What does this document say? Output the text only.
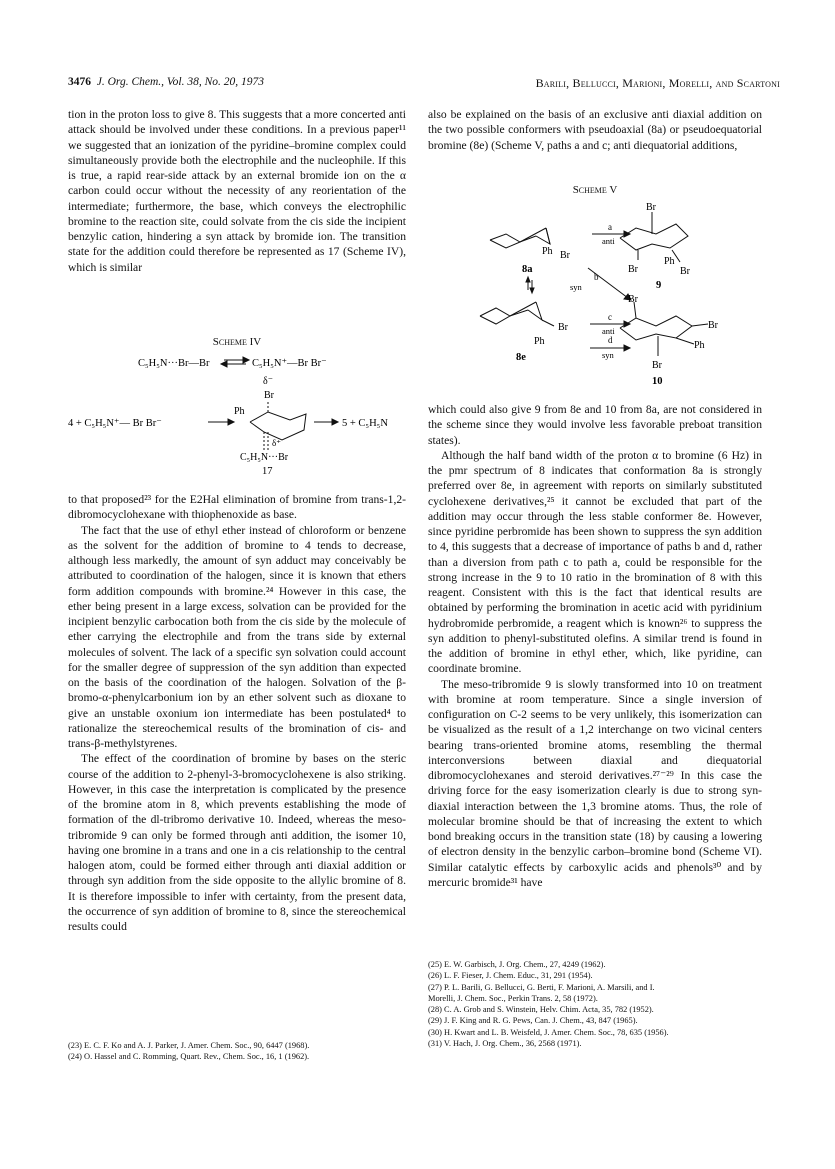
3476 J. Org. Chem., Vol. 38, No. 20, 1973	Barili, Bellucci, Marioni, Morelli, and Scartoni

tion in the proton loss to give 8. This suggests that a more concerted anti attack should be involved under these conditions. In a previous paper¹¹ we suggested that an ionization of the pyridine–bromine complex could simultaneously provide both the electrophile and the nucleophile. If this is true, a rapid rear-side attack by an external bromide ion on the α carbon could occur without the necessity of any reorientation of the intermediate; furthermore, the base, which conveys the electrophilic bromine to the reaction site, could solvate from the cis side the incipient benzylic cation, hindering a syn attack by bromide ion. The transition state for the addition could therefore be represented as 17 (Scheme IV), which is similar

Scheme IV
C₅H₅N···Br—Br	C₅H₅N⁺—Br Br⁻
δ⁻
Br
Ph
4 + C₅H₅N⁺— Br Br⁻	5 + C₅H₅N
δ⁺
C₅H₅N···Br
17

to that proposed²³ for the E2Hal elimination of bromine from trans-1,2-dibromocyclohexane with thiophenoxide as base.

The fact that the use of ethyl ether instead of chloroform or benzene as the solvent for the addition of bromine to 4 tends to decrease, although less markedly, the amount of syn adduct may conceivably be attributed to coordination of the halogen, since it is known that ethers form addition compounds with bromine.²⁴ However in this case, the ether being present in a large excess, solvation can be provided for the incipient benzylic carbocation both from the cis side by the molecule of ether carrying the electrophile and from the trans side by external molecules of solvent. The lack of a specific syn solvation could account for the smaller degree of suppression of the syn addition than expected on the basis of the coordination of the halogen. Solvation of the β-bromo-α-phenylcarbonium ion by an ether solvent such as dioxane to give an unstable oxonium ion intermediate has been postulated⁴ to rationalize the stereochemical results of the bromination of cis- and trans-β-methylstyrenes.

The effect of the coordination of bromine by bases on the steric course of the addition to 2-phenyl-3-bromocyclohexene is also striking. However, in this case the interpretation is complicated by the presence of the bromine atom in 8, which prevents establishing the mode of formation of the dl-tribromo derivative 10. Indeed, whereas the meso-tribromide 9 can only be formed through anti addition, the isomer 10, having one bromine in a trans and one in a cis relationship to the central halogen atom, could be formed either through anti diaxial addition or through syn addition from the side opposite to the allylic bromine of 8. It is therefore impossible to infer with certainty, from the present data, the occurrence of syn addition of bromine to 8, since the stereochemical results could

also be explained on the basis of an exclusive anti diaxial addition on the two possible conformers with pseudoaxial (8a) or pseudoequatorial bromine (8e) (Scheme V, paths a and c; anti diequatorial additions,

Scheme V
Ph Br
8a
a
anti
b
syn
Br
Ph
Br	Br
9
Br
Ph
8e
c
anti
d
syn
Br
Br
Ph
Br
10

which could also give 9 from 8e and 10 from 8a, are not considered in the scheme since they would involve less favorable preboat transition states).

Although the half band width of the proton α to bromine (6 Hz) in the pmr spectrum of 8 indicates that conformation 8a is strongly preferred over 8e, in agreement with reports on similarly substituted cyclohexene derivatives,²⁵ it cannot be excluded that part of the addition may occur through the less stable conformer 8e. However, since pyridine perbromide has been shown to suppress the syn addition to 4, this suggests that a decrease of importance of paths b and d, rather than a diversion from path c to path a, could be responsible for the strong increase in the 9 to 10 ratio in the bromination of 8 with this reagent. Consistent with this is the fact that identical results are obtained by performing the bromination in acetic acid with pyridinium hydrobromide perbromide, a reagent which is known²⁶ to suppress the syn addition to phenyl-substituted olefins. A similar trend is found in the addition of bromine in ethyl ether, which, like pyridine, can coordinate bromine.

The meso-tribromide 9 is slowly transformed into 10 on treatment with bromine at room temperature. Since a single inversion of configuration on C-2 seems to be very unlikely, this isomerization can be visualized as the result of a 1,2 interchange on two vicinal centers bearing trans-oriented bromine atoms, resembling the thermal interconversions between diaxial and diequatorial dibromocyclohexanes and steroid derivatives.²⁷⁻²⁹ In this case the driving force for the easy isomerization clearly is due to strong syn-diaxial interaction between the 1,3 bromine atoms. Thus, the role of molecular bromine should be that of increasing the extent to which bond breaking occurs in the transition state (18) by causing a lowering of electron density in the benzylic carbon–bromine bond (Scheme VI). Similar catalytic effects by carboxylic acids and phenols³⁰ and by mercuric bromide³¹ have

(23) E. C. F. Ko and A. J. Parker, J. Amer. Chem. Soc., 90, 6447 (1968).
(24) O. Hassel and C. Romming, Quart. Rev., Chem. Soc., 16, 1 (1962).
(25) E. W. Garbisch, J. Org. Chem., 27, 4249 (1962).
(26) L. F. Fieser, J. Chem. Educ., 31, 291 (1954).
(27) P. L. Barili, G. Bellucci, G. Berti, F. Marioni, A. Marsili, and I.
Morelli, J. Chem. Soc., Perkin Trans. 2, 58 (1972).
(28) C. A. Grob and S. Winstein, Helv. Chim. Acta, 35, 782 (1952).
(29) J. F. King and R. G. Pews, Can. J. Chem., 43, 847 (1965).
(30) H. Kwart and L. B. Weisfeld, J. Amer. Chem. Soc., 78, 635 (1956).
(31) V. Hach, J. Org. Chem., 36, 2568 (1971).
